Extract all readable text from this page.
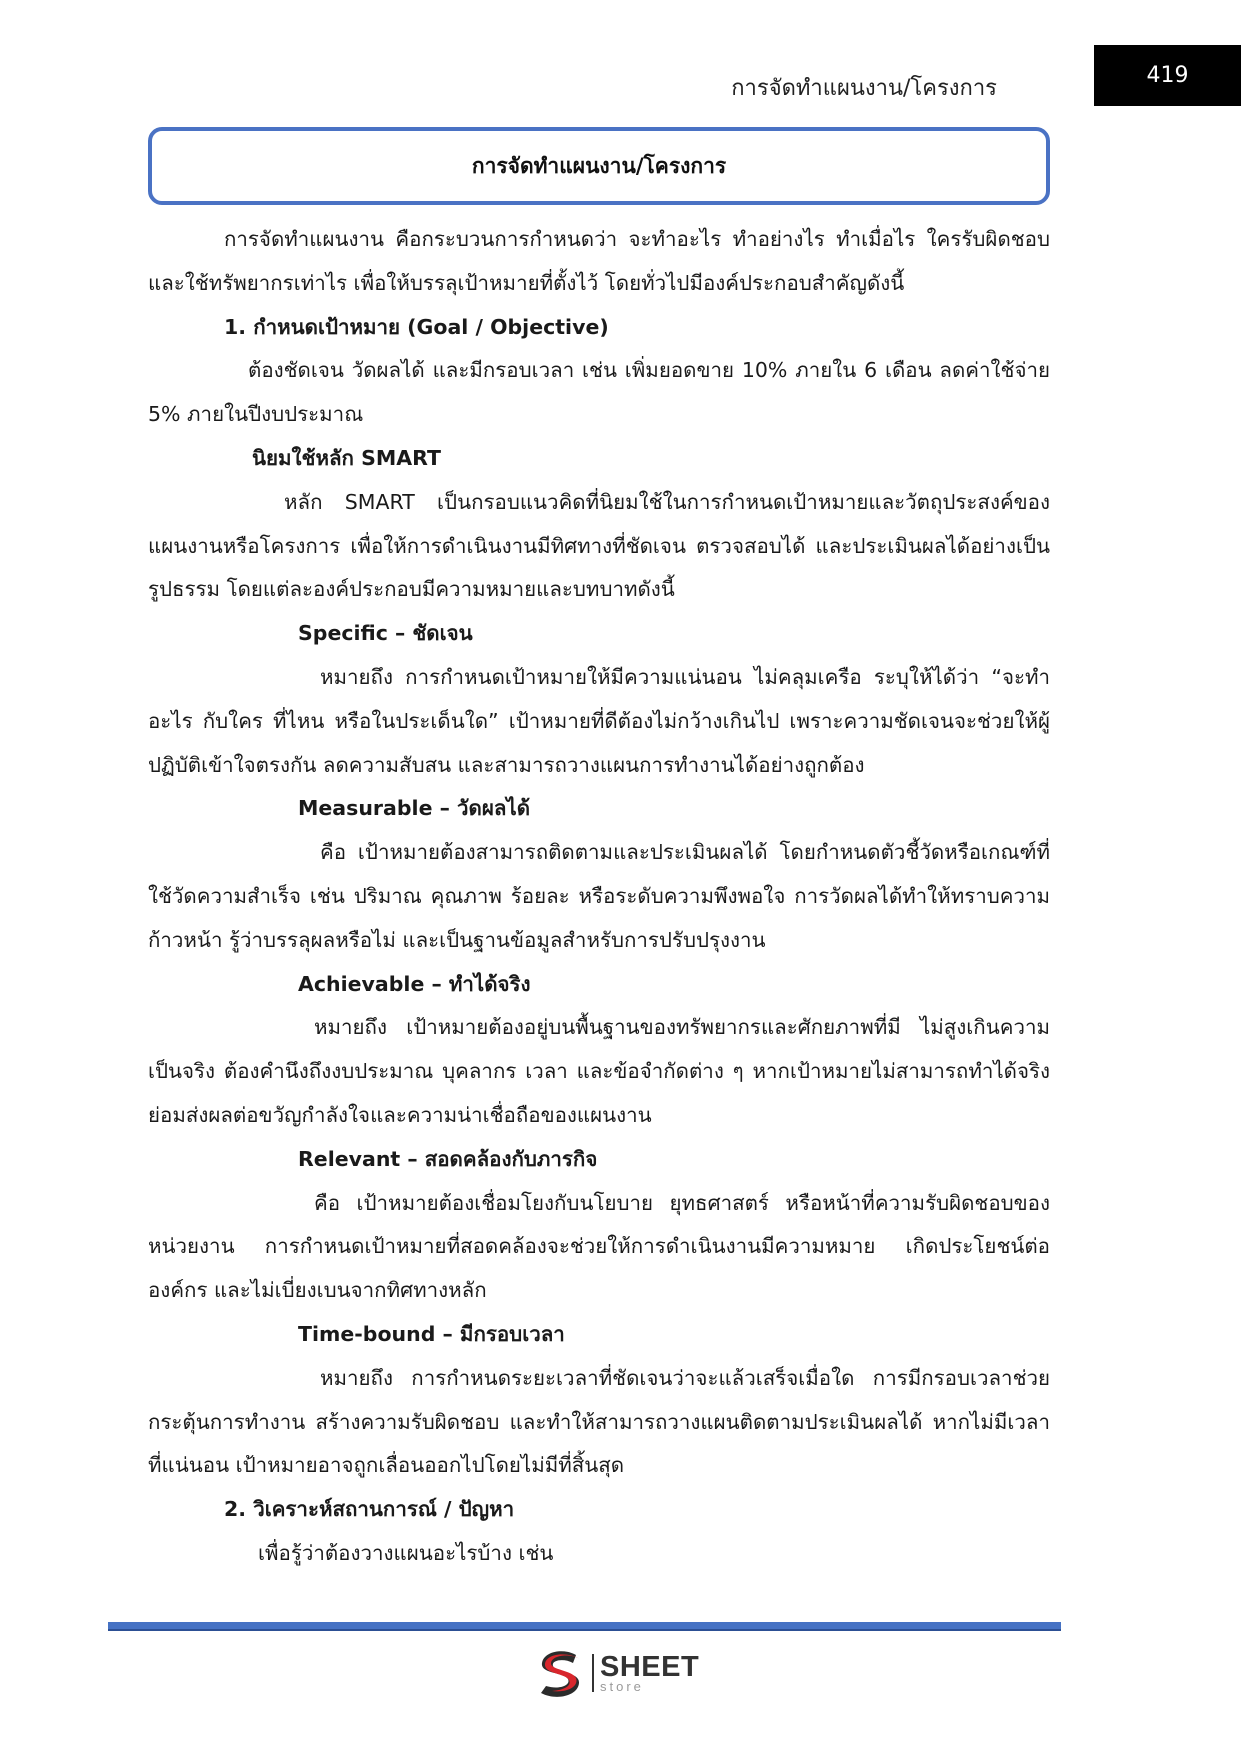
การจัดทำแผนงาน/โครงการ
419
การจัดทำแผนงาน/โครงการ

การจัดทำแผนงาน คือกระบวนการกำหนดว่า จะทำอะไร ทำอย่างไร ทำเมื่อไร ใครรับผิดชอบและใช้ทรัพยากรเท่าไร เพื่อให้บรรลุเป้าหมายที่ตั้งไว้ โดยทั่วไปมีองค์ประกอบสำคัญดังนี้

1. กำหนดเป้าหมาย (Goal / Objective)

ต้องชัดเจน วัดผลได้ และมีกรอบเวลา เช่น เพิ่มยอดขาย 10% ภายใน 6 เดือน ลดค่าใช้จ่าย 5% ภายในปีงบประมาณ

นิยมใช้หลัก SMART

หลัก SMART เป็นกรอบแนวคิดที่นิยมใช้ในการกำหนดเป้าหมายและวัตถุประสงค์ของแผนงานหรือโครงการ เพื่อให้การดำเนินงานมีทิศทางที่ชัดเจน ตรวจสอบได้ และประเมินผลได้อย่างเป็นรูปธรรม โดยแต่ละองค์ประกอบมีความหมายและบทบาทดังนี้

Specific – ชัดเจน

หมายถึง การกำหนดเป้าหมายให้มีความแน่นอน ไม่คลุมเครือ ระบุให้ได้ว่า “จะทำอะไร กับใคร ที่ไหน หรือในประเด็นใด” เป้าหมายที่ดีต้องไม่กว้างเกินไป เพราะความชัดเจนจะช่วยให้ผู้ปฏิบัติเข้าใจตรงกัน ลดความสับสน และสามารถวางแผนการทำงานได้อย่างถูกต้อง

Measurable – วัดผลได้

คือ เป้าหมายต้องสามารถติดตามและประเมินผลได้ โดยกำหนดตัวชี้วัดหรือเกณฑ์ที่ใช้วัดความสำเร็จ เช่น ปริมาณ คุณภาพ ร้อยละ หรือระดับความพึงพอใจ การวัดผลได้ทำให้ทราบความก้าวหน้า รู้ว่าบรรลุผลหรือไม่ และเป็นฐานข้อมูลสำหรับการปรับปรุงงาน

Achievable – ทำได้จริง

หมายถึง เป้าหมายต้องอยู่บนพื้นฐานของทรัพยากรและศักยภาพที่มี ไม่สูงเกินความเป็นจริง ต้องคำนึงถึงงบประมาณ บุคลากร เวลา และข้อจำกัดต่าง ๆ หากเป้าหมายไม่สามารถทำได้จริงย่อมส่งผลต่อขวัญกำลังใจและความน่าเชื่อถือของแผนงาน

Relevant – สอดคล้องกับภารกิจ

คือ เป้าหมายต้องเชื่อมโยงกับนโยบาย ยุทธศาสตร์ หรือหน้าที่ความรับผิดชอบของหน่วยงาน การกำหนดเป้าหมายที่สอดคล้องจะช่วยให้การดำเนินงานมีความหมาย เกิดประโยชน์ต่อองค์กร และไม่เบี่ยงเบนจากทิศทางหลัก

Time-bound – มีกรอบเวลา

หมายถึง การกำหนดระยะเวลาที่ชัดเจนว่าจะแล้วเสร็จเมื่อใด การมีกรอบเวลาช่วยกระตุ้นการทำงาน สร้างความรับผิดชอบ และทำให้สามารถวางแผนติดตามประเมินผลได้ หากไม่มีเวลาที่แน่นอน เป้าหมายอาจถูกเลื่อนออกไปโดยไม่มีที่สิ้นสุด

2. วิเคราะห์สถานการณ์ / ปัญหา

เพื่อรู้ว่าต้องวางแผนอะไรบ้าง เช่น

SHEET
store
